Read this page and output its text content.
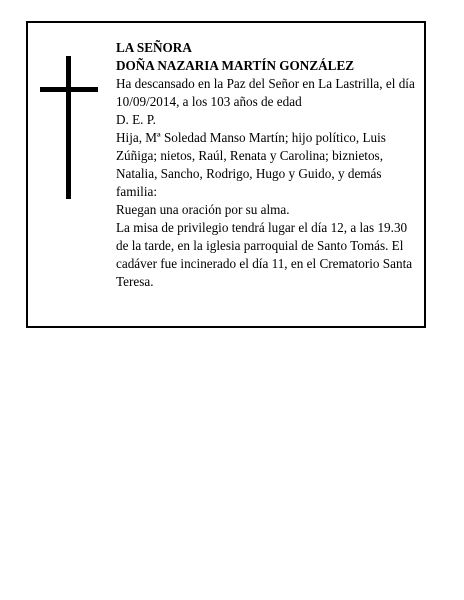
LA SEÑORA

DOÑA NAZARIA MARTÍN GONZÁLEZ

Ha descansado en la Paz del Señor en La Lastrilla, el día 10/09/2014, a los 103 años de edad

D. E. P.

Hija, Mª Soledad Manso Martín; hijo político, Luis Zúñiga; nietos, Raúl, Renata y Carolina; biznietos, Natalia, Sancho, Rodrigo, Hugo y Guido, y demás familia:

Ruegan una oración por su alma.

La misa de privilegio tendrá lugar el día 12, a las 19.30 de la tarde, en la iglesia parroquial de Santo Tomás. El cadáver fue incinerado el día 11, en el Crematorio Santa Teresa.
